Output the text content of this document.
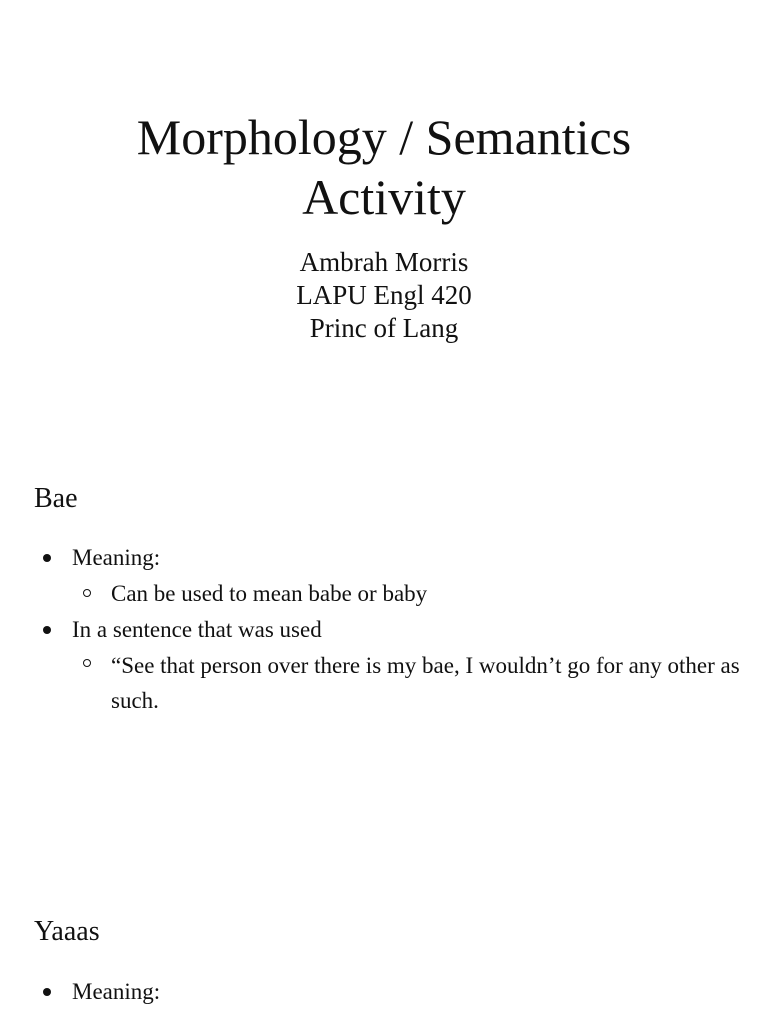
Morphology / Semantics
Activity
Ambrah Morris
LAPU Engl 420
Princ of Lang
Bae
Meaning:
Can be used to mean babe or baby
In a sentence that was used
“See that person over there is my bae, I wouldn’t go for any other as such.
Yaaas
Meaning:
